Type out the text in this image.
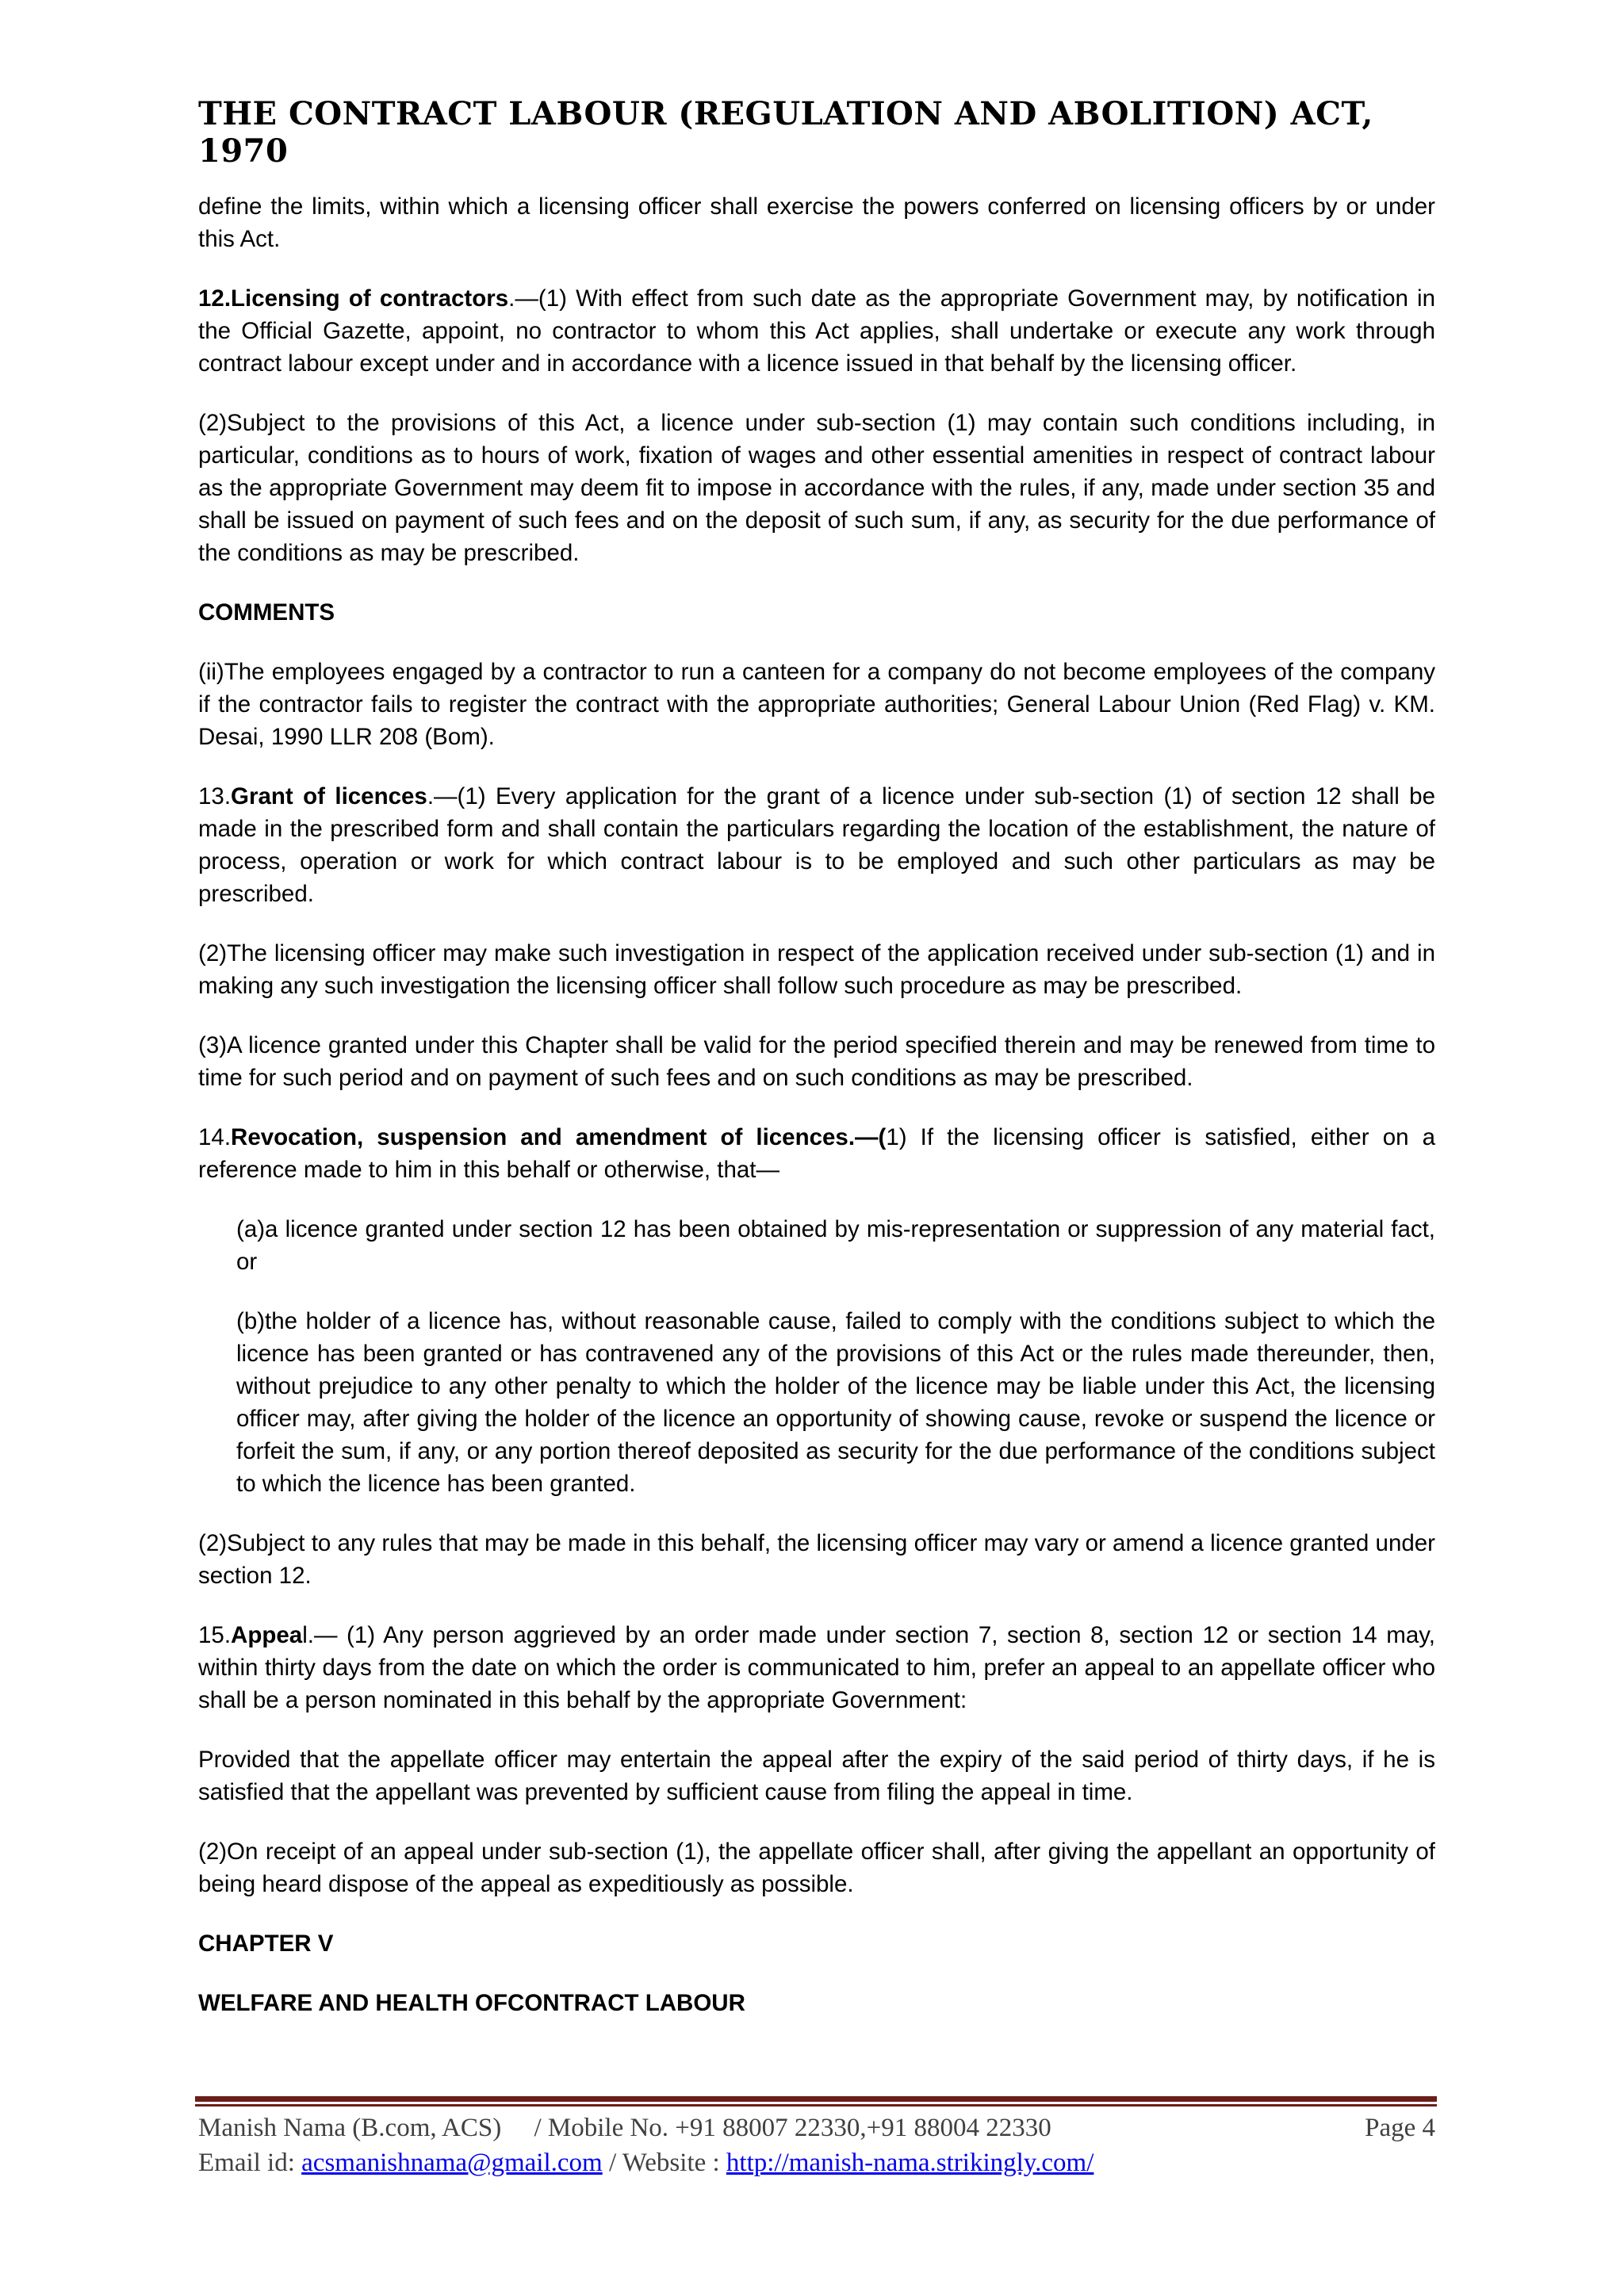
THE CONTRACT LABOUR (REGULATION AND ABOLITION) ACT, 1970

define the limits, within which a licensing officer shall exercise the powers conferred on licensing officers by or under this Act.

12.Licensing of contractors.—(1) With effect from such date as the appropriate Government may, by notification in the Official Gazette, appoint, no contractor to whom this Act applies, shall undertake or execute any work through contract labour except under and in accordance with a licence issued in that behalf by the licensing officer.

(2)Subject to the provisions of this Act, a licence under sub-section (1) may contain such conditions including, in particular, conditions as to hours of work, fixation of wages and other essential amenities in respect of contract labour as the appropriate Government may deem fit to impose in accordance with the rules, if any, made under section 35 and shall be issued on payment of such fees and on the deposit of such sum, if any, as security for the due performance of the conditions as may be prescribed.

COMMENTS

(ii)The employees engaged by a contractor to run a canteen for a company do not become employees of the company if the contractor fails to register the contract with the appropriate authorities; General Labour Union (Red Flag) v. KM. Desai, 1990 LLR 208 (Bom).

13.Grant of licences.—(1) Every application for the grant of a licence under sub-section (1) of section 12 shall be made in the prescribed form and shall contain the particulars regarding the location of the establishment, the nature of process, operation or work for which contract labour is to be employed and such other particulars as may be prescribed.

(2)The licensing officer may make such investigation in respect of the application received under sub-section (1) and in making any such investigation the licensing officer shall follow such procedure as may be prescribed.

(3)A licence granted under this Chapter shall be valid for the period specified therein and may be renewed from time to time for such period and on payment of such fees and on such conditions as may be prescribed.

14.Revocation, suspension and amendment of licences.—(1) If the licensing officer is satisfied, either on a reference made to him in this behalf or otherwise, that—

(a)a licence granted under section 12 has been obtained by mis-representation or suppression of any material fact, or

(b)the holder of a licence has, without reasonable cause, failed to comply with the conditions subject to which the licence has been granted or has contravened any of the provisions of this Act or the rules made thereunder, then, without prejudice to any other penalty to which the holder of the licence may be liable under this Act, the licensing officer may, after giving the holder of the licence an opportunity of showing cause, revoke or suspend the licence or forfeit the sum, if any, or any portion thereof deposited as security for the due performance of the conditions subject to which the licence has been granted.

(2)Subject to any rules that may be made in this behalf, the licensing officer may vary or amend a licence granted under section 12.

15.Appeal.— (1) Any person aggrieved by an order made under section 7, section 8, section 12 or section 14 may, within thirty days from the date on which the order is communicated to him, prefer an appeal to an appellate officer who shall be a person nominated in this behalf by the appropriate Government:

Provided that the appellate officer may entertain the appeal after the expiry of the said period of thirty days, if he is satisfied that the appellant was prevented by sufficient cause from filing the appeal in time.

(2)On receipt of an appeal under sub-section (1), the appellate officer shall, after giving the appellant an opportunity of being heard dispose of the appeal as expeditiously as possible.

CHAPTER V

WELFARE AND HEALTH OFCONTRACT LABOUR

Manish Nama (B.com, ACS)     / Mobile No. +91 88007 22330,+91 88004 22330	Page 4
Email id: acsmanishnama@gmail.com / Website : http://manish-nama.strikingly.com/
